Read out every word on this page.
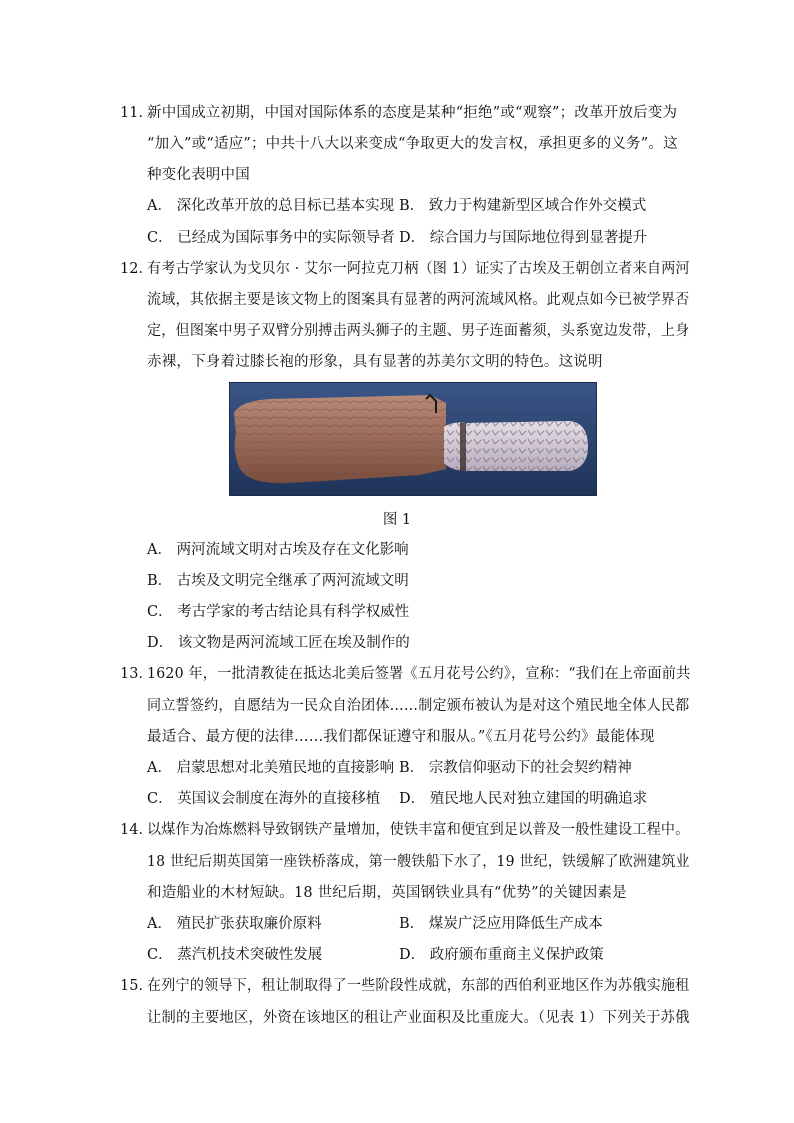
11．
新中国成立初期，中国对国际体系的态度是某种“拒绝”或“观察”；改革开放后变为
“加入”或“适应”；中共十八大以来变成“争取更大的发言权，承担更多的义务”。这
种变化表明中国
A． 深化改革开放的总目标已基本实现 B． 致力于构建新型区域合作外交模式
C． 已经成为国际事务中的实际领导者 D． 综合国力与国际地位得到显著提升
12．
有考古学家认为戈贝尔 · 艾尔一阿拉克刀柄（图 1）证实了古埃及王朝创立者来自两河
流域，其依据主要是该文物上的图案具有显著的两河流域风格。此观点如今已被学界否
定，但图案中男子双臂分别搏击两头狮子的主题、男子连面蓄须，头系宽边发带，上身
赤裸，下身着过膝长袍的形象，具有显著的苏美尔文明的特色。这说明
图 1
A． 两河流域文明对古埃及存在文化影响
B． 古埃及文明完全继承了两河流域文明
C． 考古学家的考古结论具有科学权威性
D． 该文物是两河流域工匠在埃及制作的
13．
1620 年，一批清教徒在抵达北美后签署《五月花号公约》，宣称：“我们在上帝面前共
同立誓签约，自愿结为一民众自治团体……制定颁布被认为是对这个殖民地全体人民都
最适合、最方便的法律……我们都保证遵守和服从。”《五月花号公约》最能体现
A． 启蒙思想对北美殖民地的直接影响 B． 宗教信仰驱动下的社会契约精神
C． 英国议会制度在海外的直接移植 D． 殖民地人民对独立建国的明确追求
14．
以煤作为冶炼燃料导致钢铁产量增加，使铁丰富和便宜到足以普及一般性建设工程中。
18 世纪后期英国第一座铁桥落成，第一艘铁船下水了，19 世纪，铁缓解了欧洲建筑业
和造船业的木材短缺。18 世纪后期，英国钢铁业具有“优势”的关键因素是
A． 殖民扩张获取廉价原料	B． 煤炭广泛应用降低生产成本
C． 蒸汽机技术突破性发展	D． 政府颁布重商主义保护政策
15．
在列宁的领导下，租让制取得了一些阶段性成就，东部的西伯利亚地区作为苏俄实施租
让制的主要地区，外资在该地区的租让产业面积及比重庞大。（见表 1）下列关于苏俄
